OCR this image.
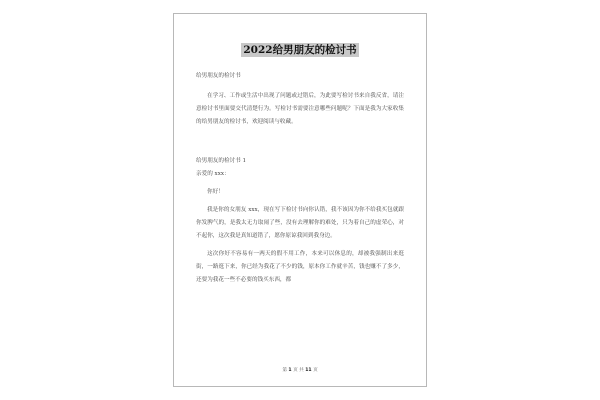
2022给男朋友的检讨书

给男朋友的检讨书

在学习、工作或生活中出现了问题或过错后，为此要写检讨书来自我反省，请注意检讨书里面要交代清楚行为。写检讨书需要注意哪些问题呢？下面是我为大家收集的给男朋友的检讨书，欢迎阅读与收藏。

给男朋友的检讨书 1

亲爱的 xxx：

你好！

我是你的女朋友 xxx，现在写下检讨书向你认错，我不该因为你不给我买包就跟你发脾气的，是我太无力取闹了些，没有去理解你的难处，只为着自己的虚荣心，对不起你，这次我是真知道错了，愿你原谅我回到我身边。

这次你好不容易有一两天的假不用工作，本来可以休息的，却被我强制出来逛街，一路逛下来，你已经为我花了不少的钱，原本你工作就辛苦，钱也赚不了多少，还要为我花一些不必要的钱买东西，都

第 1 页 共 11 页
